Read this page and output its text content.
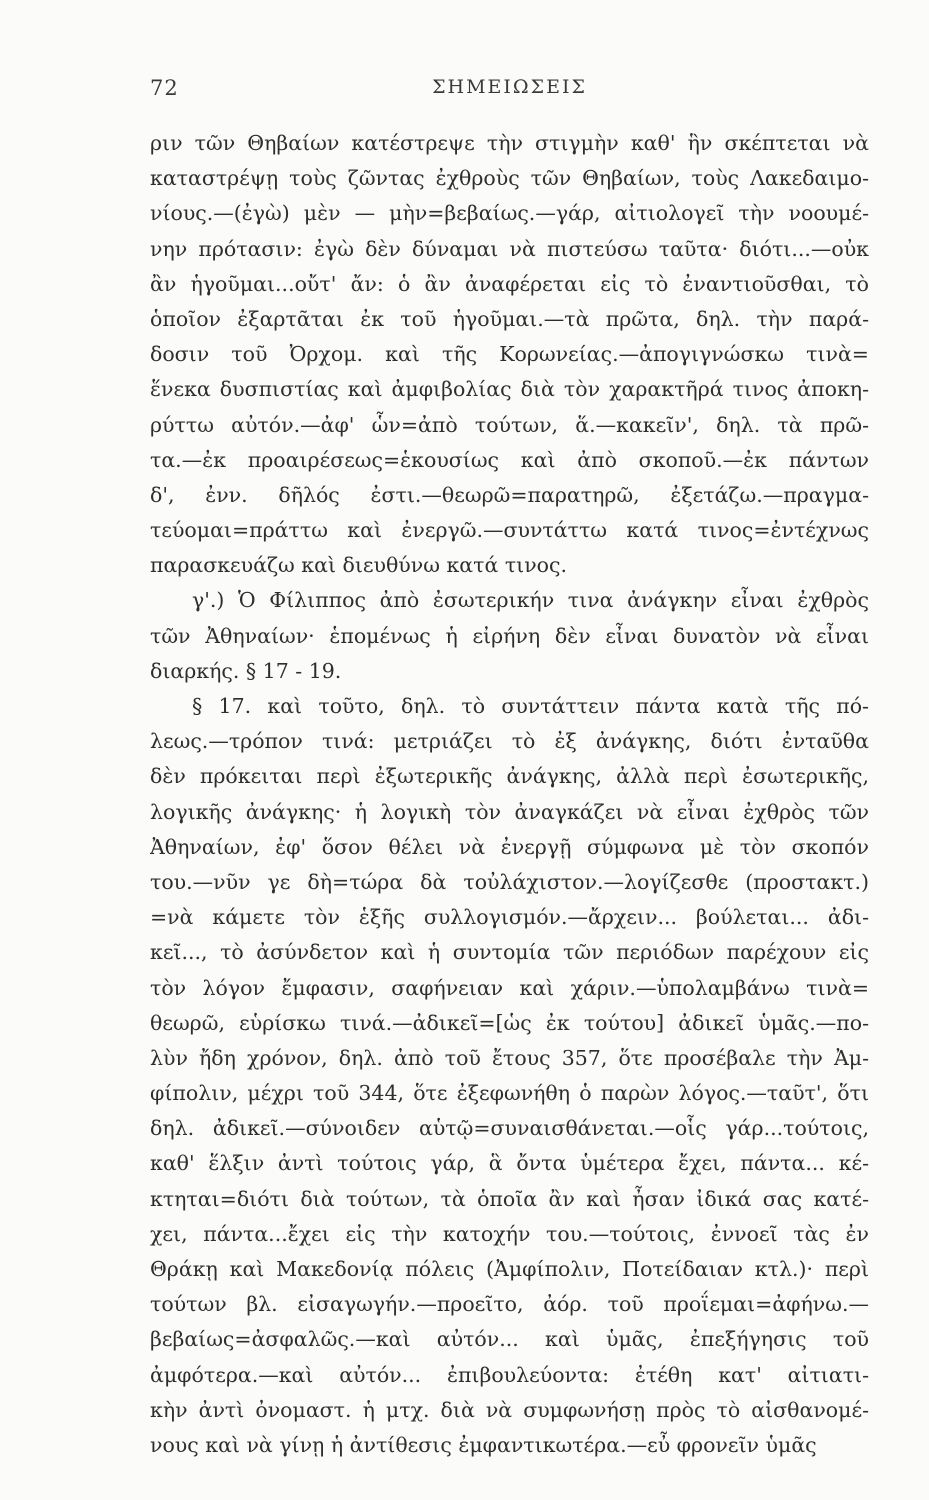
72	ΣΗΜΕΙΩΣΕΙΣ
ριν τῶν Θηβαίων κατέστρεψε τὴν στιγμὴν καθ' ἣν σκέπτεται νὰ
καταστρέψῃ τοὺς ζῶντας ἐχθροὺς τῶν Θηβαίων, τοὺς Λακεδαιμο-
νίους.—(ἐγὼ) μὲν — μὴν=βεβαίως.—γάρ, αἰτιολογεῖ τὴν νοουμέ-
νην πρότασιν: ἐγὼ δὲν δύναμαι νὰ πιστεύσω ταῦτα· διότι...—οὐκ
ἂν ἡγοῦμαι...οὔτ' ἄν: ὁ ἂν ἀναφέρεται εἰς τὸ ἐναντιοῦσθαι, τὸ
ὁποῖον ἐξαρτᾶται ἐκ τοῦ ἡγοῦμαι.—τὰ πρῶτα, δηλ. τὴν παρά-
δοσιν τοῦ Ὀρχομ. καὶ τῆς Κορωνείας.—ἀπογιγνώσκω τινὰ=
ἕνεκα δυσπιστίας καὶ ἀμφιβολίας διὰ τὸν χαρακτῆρά τινος ἀποκη-
ρύττω αὐτόν.—ἀφ' ὧν=ἀπὸ τούτων, ἅ.—κακεῖν', δηλ. τὰ πρῶ-
τα.—ἐκ προαιρέσεως=ἑκουσίως καὶ ἀπὸ σκοποῦ.—ἐκ πάντων
δ', ἐνν. δῆλός ἐστι.—θεωρῶ=παρατηρῶ, ἐξετάζω.—πραγμα-
τεύομαι=πράττω καὶ ἐνεργῶ.—συντάττω κατά τινος=ἐντέχνως
παρασκευάζω καὶ διευθύνω κατά τινος.
γ'.) Ὁ Φίλιππος ἀπὸ ἐσωτερικήν τινα ἀνάγκην εἶναι ἐχθρὸς
τῶν Ἀθηναίων· ἑπομένως ἡ εἰρήνη δὲν εἶναι δυνατὸν νὰ εἶναι
διαρκής. § 17 - 19.
§ 17. καὶ τοῦτο, δηλ. τὸ συντάττειν πάντα κατὰ τῆς πό-
λεως.—τρόπον τινά: μετριάζει τὸ ἐξ ἀνάγκης, διότι ἐνταῦθα
δὲν πρόκειται περὶ ἐξωτερικῆς ἀνάγκης, ἀλλὰ περὶ ἐσωτερικῆς,
λογικῆς ἀνάγκης· ἡ λογικὴ τὸν ἀναγκάζει νὰ εἶναι ἐχθρὸς τῶν
Ἀθηναίων, ἐφ' ὅσον θέλει νὰ ἐνεργῇ σύμφωνα μὲ τὸν σκοπόν
του.—νῦν γε δὴ=τώρα δὰ τοὐλάχιστον.—λογίζεσθε (προστακτ.)
=νὰ κάμετε τὸν ἑξῆς συλλογισμόν.—ἄρχειν... βούλεται... ἀδι-
κεῖ..., τὸ ἀσύνδετον καὶ ἡ συντομία τῶν περιόδων παρέχουν εἰς
τὸν λόγον ἔμφασιν, σαφήνειαν καὶ χάριν.—ὑπολαμβάνω τινὰ=
θεωρῶ, εὑρίσκω τινά.—ἀδικεῖ=[ὡς ἐκ τούτου] ἀδικεῖ ὑμᾶς.—πο-
λὺν ἤδη χρόνον, δηλ. ἀπὸ τοῦ ἔτους 357, ὅτε προσέβαλε τὴν Ἀμ-
φίπολιν, μέχρι τοῦ 344, ὅτε ἐξεφωνήθη ὁ παρὼν λόγος.—ταῦτ', ὅτι
δηλ. ἀδικεῖ.—σύνοιδεν αὑτῷ=συναισθάνεται.—οἷς γάρ...τούτοις,
καθ' ἕλξιν ἀντὶ τούτοις γάρ, ἃ ὄντα ὑμέτερα ἔχει, πάντα... κέ-
κτηται=διότι διὰ τούτων, τὰ ὁποῖα ἂν καὶ ἦσαν ἰδικά σας κατέ-
χει, πάντα...ἔχει εἰς τὴν κατοχήν του.—τούτοις, ἐννοεῖ τὰς ἐν
Θράκῃ καὶ Μακεδονίᾳ πόλεις (Ἀμφίπολιν, Ποτείδαιαν κτλ.)· περὶ
τούτων βλ. εἰσαγωγήν.—προεῖτο, ἀόρ. τοῦ προΐεμαι=ἀφήνω.—
βεβαίως=ἀσφαλῶς.—καὶ αὐτόν... καὶ ὑμᾶς, ἐπεξήγησις τοῦ
ἀμφότερα.—καὶ αὐτόν... ἐπιβουλεύοντα: ἐτέθη κατ' αἰτιατι-
κὴν ἀντὶ ὀνομαστ. ἡ μτχ. διὰ νὰ συμφωνήσῃ πρὸς τὸ αἰσθανομέ-
νους καὶ νὰ γίνῃ ἡ ἀντίθεσις ἐμφαντικωτέρα.—εὖ φρονεῖν ὑμᾶς
